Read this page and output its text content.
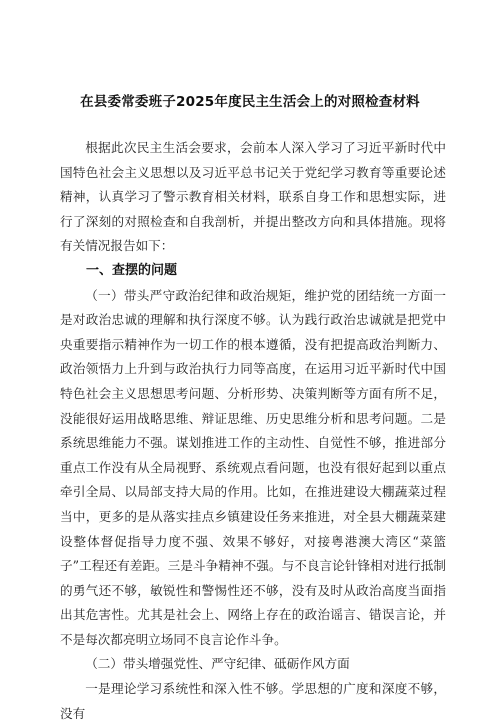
在县委常委班子2025年度民主生活会上的对照检查材料

根据此次民主生活会要求，会前本人深入学习了习近平新时代中国特色社会主义思想以及习近平总书记关于党纪学习教育等重要论述精神，认真学习了警示教育相关材料，联系自身工作和思想实际，进行了深刻的对照检查和自我剖析，并提出整改方向和具体措施。现将有关情况报告如下：

一、查摆的问题

（一）带头严守政治纪律和政治规矩，维护党的团结统一方面一是对政治忠诚的理解和执行深度不够。认为践行政治忠诚就是把党中央重要指示精神作为一切工作的根本遵循，没有把提高政治判断力、政治领悟力上升到与政治执行力同等高度，在运用习近平新时代中国特色社会主义思想思考问题、分析形势、决策判断等方面有所不足，没能很好运用战略思维、辩证思维、历史思维分析和思考问题。二是系统思维能力不强。谋划推进工作的主动性、自觉性不够，推进部分重点工作没有从全局视野、系统观点看问题，也没有很好起到以重点牵引全局、以局部支持大局的作用。比如，在推进建设大棚蔬菜过程当中，更多的是从落实挂点乡镇建设任务来推进，对全县大棚蔬菜建设整体督促指导力度不强、效果不够好，对接粤港澳大湾区“菜篮子”工程还有差距。三是斗争精神不强。与不良言论针锋相对进行抵制的勇气还不够，敏锐性和警惕性还不够，没有及时从政治高度当面指出其危害性。尤其是社会上、网络上存在的政治谣言、错误言论，并不是每次都亮明立场同不良言论作斗争。

（二）带头增强党性、严守纪律、砥砺作风方面

一是理论学习系统性和深入性不够。学思想的广度和深度不够，没有
